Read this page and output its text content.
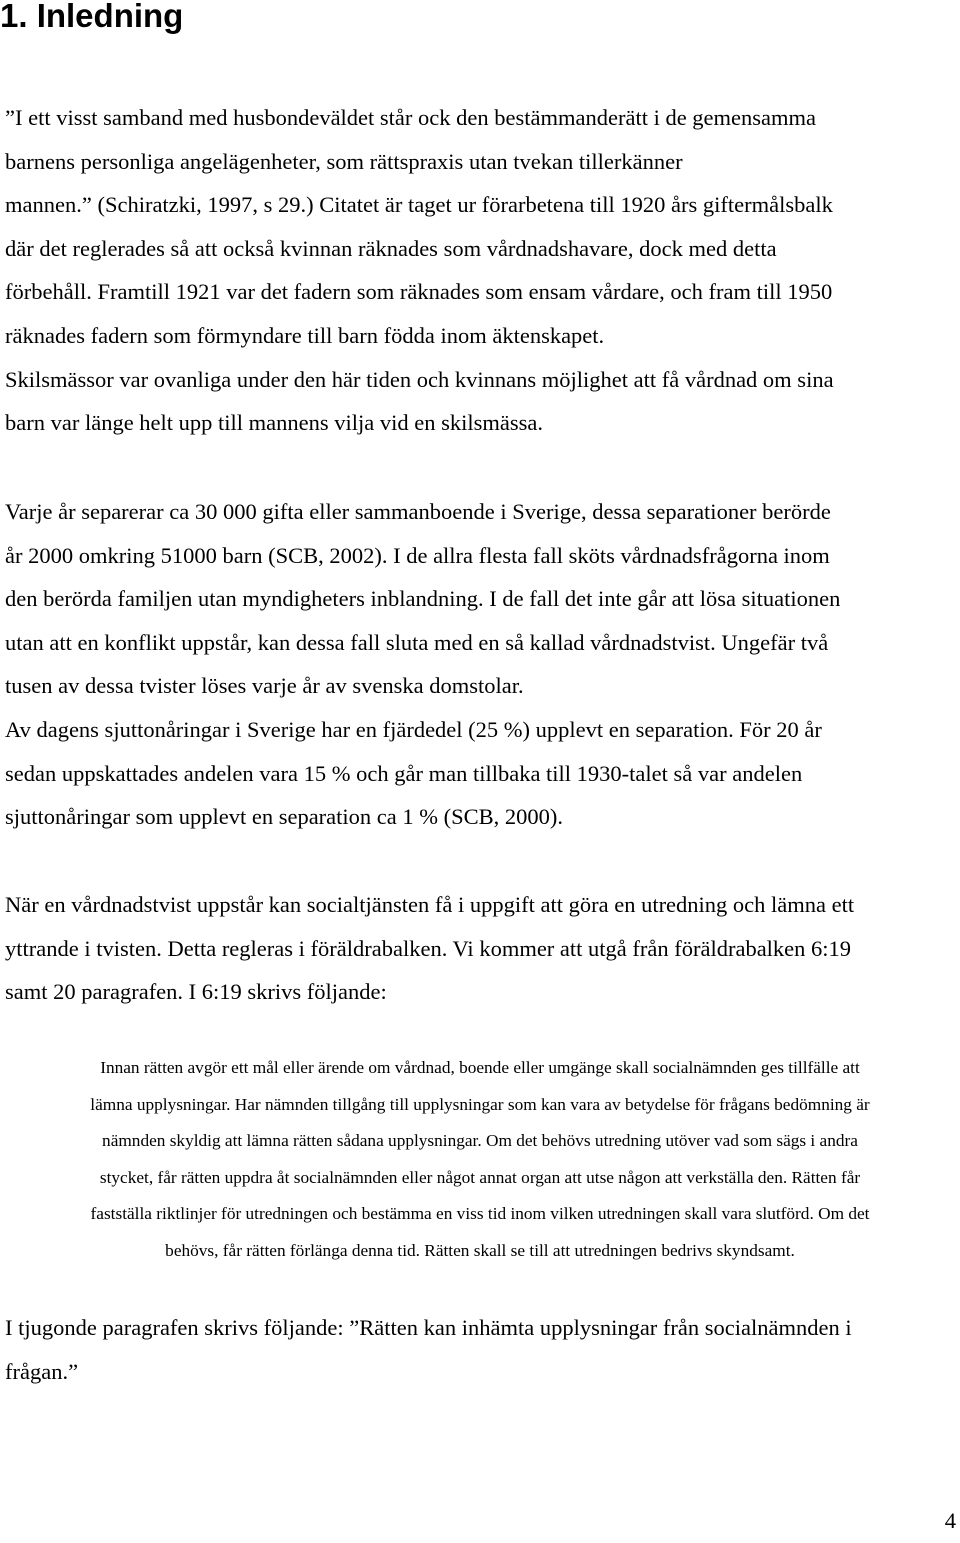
1. Inledning
”I ett visst samband med husbondeväldet står ock den bestämmanderätt i de gemensamma
barnens personliga angelägenheter, som rättspraxis utan tvekan tillerkänner
mannen.” (Schiratzki, 1997, s 29.) Citatet är taget ur förarbetena till 1920 års giftermålsbalk
där det reglerades så att också kvinnan räknades som vårdnadshavare, dock med detta
förbehåll. Framtill 1921 var det fadern som räknades som ensam vårdare, och fram till 1950
räknades fadern som förmyndare till barn födda inom äktenskapet.
Skilsmässor var ovanliga under den här tiden och kvinnans möjlighet att få vårdnad om sina
barn var länge helt upp till mannens vilja vid en skilsmässa.
Varje år separerar ca 30 000 gifta eller sammanboende i Sverige, dessa separationer berörde
år 2000 omkring 51000 barn (SCB, 2002). I de allra flesta fall sköts vårdnadsfrågorna inom
den berörda familjen utan myndigheters inblandning. I de fall det inte går att lösa situationen
utan att en konflikt uppstår, kan dessa fall sluta med en så kallad vårdnadstvist. Ungefär två
tusen av dessa tvister löses varje år av svenska domstolar.
Av dagens sjuttonåringar i Sverige har en fjärdedel (25 %) upplevt en separation. För 20 år
sedan uppskattades andelen vara 15 % och går man tillbaka till 1930-talet så var andelen
sjuttonåringar som upplevt en separation ca 1 % (SCB, 2000).
När en vårdnadstvist uppstår kan socialtjänsten få i uppgift att göra en utredning och lämna ett
yttrande i tvisten. Detta regleras i föräldrabalken. Vi kommer att utgå från föräldrabalken 6:19
samt 20 paragrafen. I 6:19 skrivs följande:
Innan rätten avgör ett mål eller ärende om vårdnad, boende eller umgänge skall socialnämnden ges tillfälle att
lämna upplysningar. Har nämnden tillgång till upplysningar som kan vara av betydelse för frågans bedömning är
nämnden skyldig att lämna rätten sådana upplysningar. Om det behövs utredning utöver vad som sägs i andra
stycket, får rätten uppdra åt socialnämnden eller något annat organ att utse någon att verkställa den. Rätten får
fastställa riktlinjer för utredningen och bestämma en viss tid inom vilken utredningen skall vara slutförd. Om det
behövs, får rätten förlänga denna tid. Rätten skall se till att utredningen bedrivs skyndsamt.
I tjugonde paragrafen skrivs följande: ”Rätten kan inhämta upplysningar från socialnämnden i
frågan.”
4
